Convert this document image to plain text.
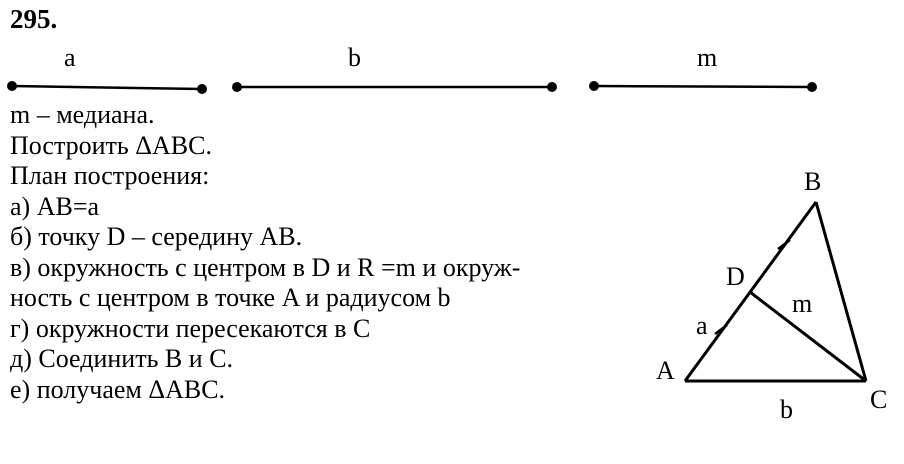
295.
a	b	m
m – медиана.
Построить ΔABC.
План построения:
а) AB=a
б) точку D – середину AB.
в) окружность с центром в D и R =m и окруж-
ность с центром в точке A и радиусом b
г) окружности пересекаются в C
д) Соединить B и C.
е) получаем ΔABC.
B
D
m
a
A
b	C
